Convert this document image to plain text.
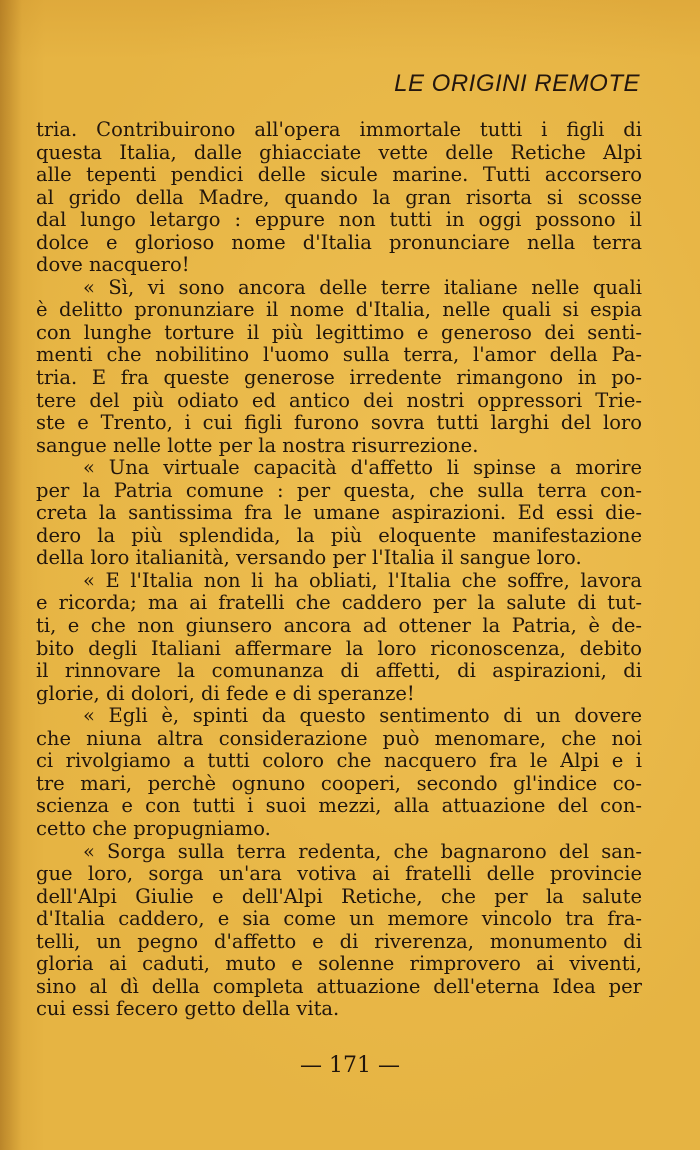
LE ORIGINI REMOTE
tria. Contribuirono all'opera immortale tutti i figli di
questa Italia, dalle ghiacciate vette delle Retiche Alpi
alle tepenti pendici delle sicule marine. Tutti accorsero
al grido della Madre, quando la gran risorta si scosse
dal lungo letargo : eppure non tutti in oggi possono il
dolce e glorioso nome d'Italia pronunciare nella terra
dove nacquero!
« Sì, vi sono ancora delle terre italiane nelle quali
è delitto pronunziare il nome d'Italia, nelle quali si espia
con lunghe torture il più legittimo e generoso dei senti-
menti che nobilitino l'uomo sulla terra, l'amor della Pa-
tria. E fra queste generose irredente rimangono in po-
tere del più odiato ed antico dei nostri oppressori Trie-
ste e Trento, i cui figli furono sovra tutti larghi del loro
sangue nelle lotte per la nostra risurrezione.
« Una virtuale capacità d'affetto li spinse a morire
per la Patria comune : per questa, che sulla terra con-
creta la santissima fra le umane aspirazioni. Ed essi die-
dero la più splendida, la più eloquente manifestazione
della loro italianità, versando per l'Italia il sangue loro.
« E l'Italia non li ha obliati, l'Italia che soffre, lavora
e ricorda; ma ai fratelli che caddero per la salute di tut-
ti, e che non giunsero ancora ad ottener la Patria, è de-
bito degli Italiani affermare la loro riconoscenza, debito
il rinnovare la comunanza di affetti, di aspirazioni, di
glorie, di dolori, di fede e di speranze!
« Egli è, spinti da questo sentimento di un dovere
che niuna altra considerazione può menomare, che noi
ci rivolgiamo a tutti coloro che nacquero fra le Alpi e i
tre mari, perchè ognuno cooperi, secondo gl'indice co-
scienza e con tutti i suoi mezzi, alla attuazione del con-
cetto che propugniamo.
« Sorga sulla terra redenta, che bagnarono del san-
gue loro, sorga un'ara votiva ai fratelli delle provincie
dell'Alpi Giulie e dell'Alpi Retiche, che per la salute
d'Italia caddero, e sia come un memore vincolo tra fra-
telli, un pegno d'affetto e di riverenza, monumento di
gloria ai caduti, muto e solenne rimprovero ai viventi,
sino al dì della completa attuazione dell'eterna Idea per
cui essi fecero getto della vita.
— 171 —
